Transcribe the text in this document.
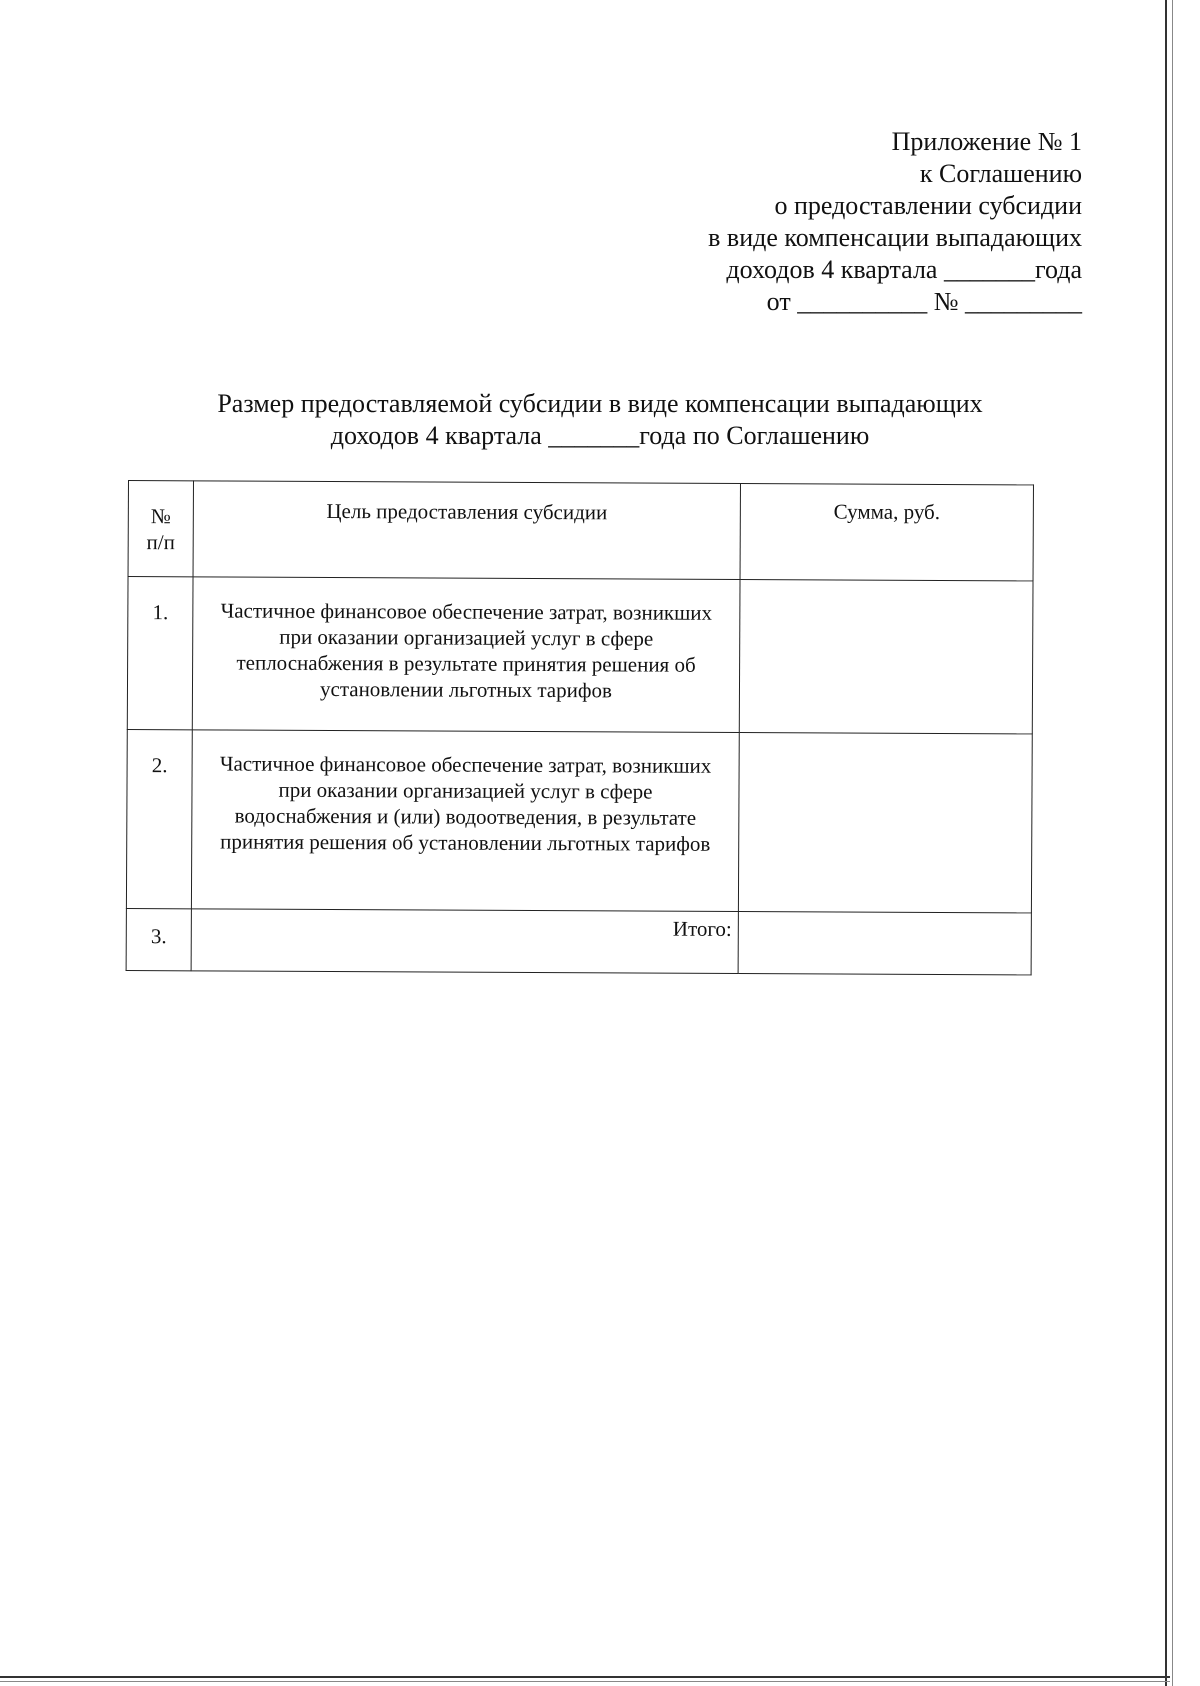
Приложение № 1
к Соглашению
о предоставлении субсидии
в виде компенсации выпадающих
доходов 4 квартала _______года
от __________ № _________
Размер предоставляемой субсидии в виде компенсации выпадающих
доходов 4 квартала _______года по Соглашению
№
п/п	Цель предоставления субсидии	Сумма, руб.
1.	Частичное финансовое обеспечение затрат, возникших при оказании организацией услуг в сфере теплоснабжения в результате принятия решения об установлении льготных тарифов	
2.	Частичное финансовое обеспечение затрат, возникших при оказании организацией услуг в сфере водоснабжения и (или) водоотведения, в результате принятия решения об установлении льготных тарифов	
3.	Итого:	
